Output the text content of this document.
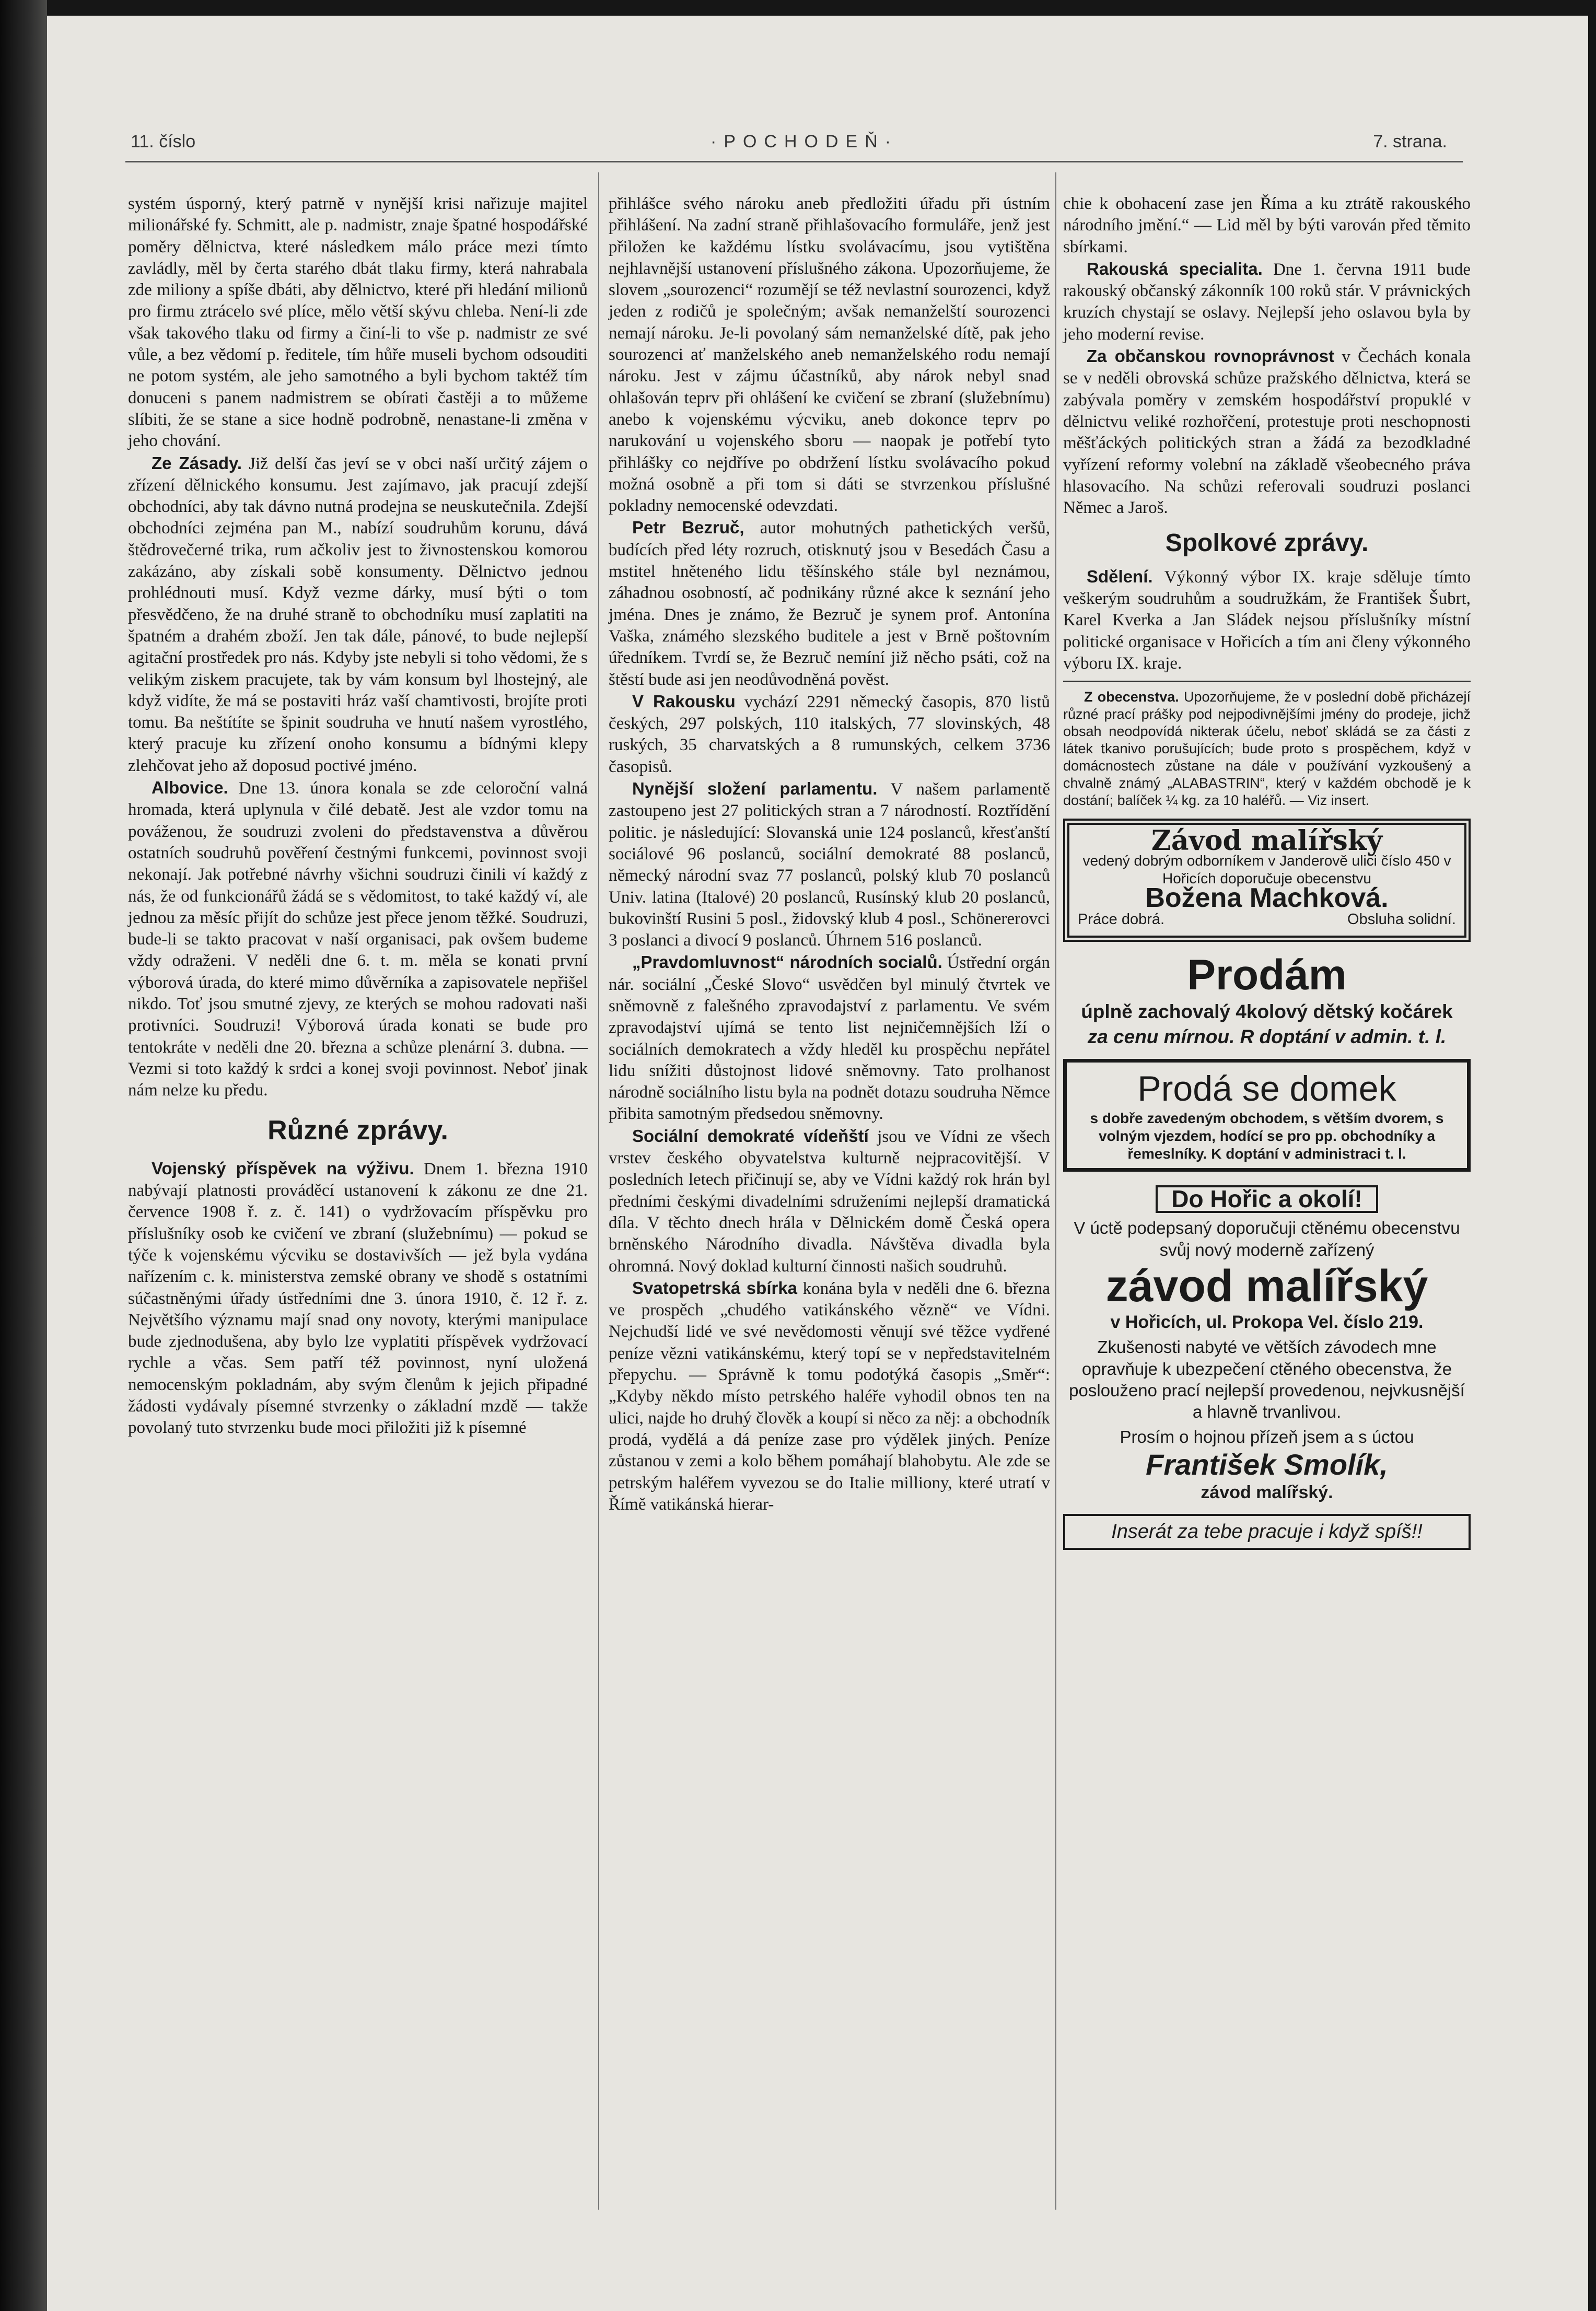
11. číslo	·POCHODEŇ·	7. strana.

systém úsporný, který patrně v nynější krisi nařizuje majitel milionářské fy. Schmitt, ale p. nadmistr, znaje špatné hospodářské poměry dělnictva, které následkem málo práce mezi tímto zavládly, měl by čerta starého dbát tlaku firmy, která nahrabala zde miliony a spíše dbáti, aby dělnictvo, které při hledání milionů pro firmu ztrácelo své plíce, mělo větší skývu chleba. Není-li zde však takového tlaku od firmy a činí-li to vše p. nadmistr ze své vůle, a bez vědomí p. ředitele, tím hůře museli bychom odsouditi ne potom systém, ale jeho samotného a byli bychom taktéž tím donuceni s panem nadmistrem se obírati častěji a to můžeme slíbiti, že se stane a sice hodně podrobně, nenastane-li změna v jeho chování.

Ze Zásady. Již delší čas jeví se v obci naší určitý zájem o zřízení dělnického konsumu. Jest zajímavo, jak pracují zdejší obchodníci, aby tak dávno nutná prodejna se neuskutečnila. Zdejší obchodníci zejména pan M., nabízí soudruhům korunu, dává štědrovečerné trika, rum ačkoliv jest to živnostenskou komorou zakázáno, aby získali sobě konsumenty. Dělnictvo jednou prohlédnouti musí. Když vezme dárky, musí býti o tom přesvědčeno, že na druhé straně to obchodníku musí zaplatiti na špatném a drahém zboží. Jen tak dále, pánové, to bude nejlepší agitační prostředek pro nás. Kdyby jste nebyli si toho vědomi, že s velikým ziskem pracujete, tak by vám konsum byl lhostejný, ale když vidíte, že má se postaviti hráz vaší chamtivosti, brojíte proti tomu. Ba neštítíte se špinit soudruha ve hnutí našem vyrostlého, který pracuje ku zřízení onoho konsumu a bídnými klepy zlehčovat jeho až doposud poctivé jméno.

Albovice. Dne 13. února konala se zde celoroční valná hromada, která uplynula v čilé debatě. Jest ale vzdor tomu na pováženou, že soudruzi zvoleni do představenstva a důvěrou ostatních soudruhů pověření čestnými funkcemi, povinnost svoji nekonají. Jak potřebné návrhy všichni soudruzi činili ví každý z nás, že od funkcionářů žádá se s vědomitost, to také každý ví, ale jednou za měsíc přijít do schůze jest přece jenom těžké. Soudruzi, bude-li se takto pracovat v naší organisaci, pak ovšem budeme vždy odraženi. V neděli dne 6. t. m. měla se konati první výborová úrada, do které mimo důvěrníka a zapisovatele nepřišel nikdo. Toť jsou smutné zjevy, ze kterých se mohou radovati naši protivníci. Soudruzi! Výborová úrada konati se bude pro tentokráte v neděli dne 20. března a schůze plenární 3. dubna. — Vezmi si toto každý k srdci a konej svoji povinnost. Neboť jinak nám nelze ku předu.

Různé zprávy.

Vojenský příspěvek na výživu. Dnem 1. března 1910 nabývají platnosti prováděcí ustanovení k zákonu ze dne 21. července 1908 ř. z. č. 141) o vydržovacím příspěvku pro příslušníky osob ke cvičení ve zbraní (služebnímu) — pokud se týče k vojenskému výcviku se dostavivších — jež byla vydána nařízením c. k. ministerstva zemské obrany ve shodě s ostatními súčastněnými úřady ústředními dne 3. února 1910, č. 12 ř. z. Největšího významu mají snad ony novoty, kterými manipulace bude zjednodušena, aby bylo lze vyplatiti příspěvek vydržovací rychle a včas. Sem patří též povinnost, nyní uložená nemocenským pokladnám, aby svým členům k jejich připadné žádosti vydávaly písemné stvrzenky o základní mzdě — takže povolaný tuto stvrzenku bude moci přiložiti již k písemné

přihlášce svého nároku aneb předložiti úřadu při ústním přihlášení. Na zadní straně přihlašovacího formuláře, jenž jest přiložen ke každému lístku svolávacímu, jsou vytištěna nejhlavnější ustanovení příslušného zákona. Upozorňujeme, že slovem „sourozenci“ rozumějí se též nevlastní sourozenci, když jeden z rodičů je společným; avšak nemanželští sourozenci nemají nároku. Je-li povolaný sám nemanželské dítě, pak jeho sourozenci ať manželského aneb nemanželského rodu nemají nároku. Jest v zájmu účastníků, aby nárok nebyl snad ohlašován teprv při ohlášení ke cvičení se zbraní (služebnímu) anebo k vojenskému výcviku, aneb dokonce teprv po narukování u vojenského sboru — naopak je potřebí tyto přihlášky co nejdříve po obdržení lístku svolávacího pokud možná osobně a při tom si dáti se stvrzenkou příslušné pokladny nemocenské odevzdati.

Petr Bezruč, autor mohutných pathetických veršů, budících před léty rozruch, otisknutý jsou v Besedách Času a mstitel hněteného lidu těšínského stále byl neznámou, záhadnou osobností, ač podnikány různé akce k seznání jeho jména. Dnes je známo, že Bezruč je synem prof. Antonína Vaška, známého slezského buditele a jest v Brně poštovním úředníkem. Tvrdí se, že Bezruč nemíní již něcho psáti, což na štěstí bude asi jen neodůvodněná pověst.

V Rakousku vychází 2291 německý časopis, 870 listů českých, 297 polských, 110 italských, 77 slovinských, 48 ruských, 35 charvatských a 8 rumunských, celkem 3736 časopisů.

Nynější složení parlamentu. V našem parlamentě zastoupeno jest 27 politických stran a 7 národností. Roztřídění politic. je následující: Slovanská unie 124 poslanců, křesťanští sociálové 96 poslanců, sociální demokraté 88 poslanců, německý národní svaz 77 poslanců, polský klub 70 poslanců Univ. latina (Italové) 20 poslanců, Rusínský klub 20 poslanců, bukovinští Rusini 5 posl., židovský klub 4 posl., Schönererovci 3 poslanci a divocí 9 poslanců. Úhrnem 516 poslanců.

„Pravdomluvnost“ národních socialů. Ústřední orgán nár. sociální „České Slovo“ usvědčen byl minulý čtvrtek ve sněmovně z falešného zpravodajství z parlamentu. Ve svém zpravodajství ujímá se tento list nejničemnějších lží o sociálních demokratech a vždy hleděl ku prospěchu nepřátel lidu snížiti důstojnost lidové sněmovny. Tato prolhanost národně sociálního listu byla na podnět dotazu soudruha Němce přibita samotným předsedou sněmovny.

Sociální demokraté vídeňští jsou ve Vídni ze všech vrstev českého obyvatelstva kulturně nejpracovitější. V posledních letech přičinují se, aby ve Vídni každý rok hrán byl předními českými divadelními sdruženími nejlepší dramatická díla. V těchto dnech hrála v Dělnickém domě Česká opera brněnského Národního divadla. Návštěva divadla byla ohromná. Nový doklad kulturní činnosti našich soudruhů.

Svatopetrská sbírka konána byla v neděli dne 6. března ve prospěch „chudého vatikánského vězně“ ve Vídni. Nejchudší lidé ve své nevědomosti věnují své těžce vydřené peníze vězni vatikánskému, který topí se v nepředstavitelném přepychu. — Správně k tomu podotýká časopis „Směr“: „Kdyby někdo místo petrského haléře vyhodil obnos ten na ulici, najde ho druhý člověk a koupí si něco za něj: a obchodník prodá, vydělá a dá peníze zase pro výdělek jiných. Peníze zůstanou v zemi a kolo během pomáhají blahobytu. Ale zde se petrským haléřem vyvezou se do Italie milliony, které utratí v Římě vatikánská hierar-

chie k obohacení zase jen Říma a ku ztrátě rakouského národního jmění.“ — Lid měl by býti varován před těmito sbírkami.

Rakouská specialita. Dne 1. června 1911 bude rakouský občanský zákonník 100 roků stár. V právnických kruzích chystají se oslavy. Nejlepší jeho oslavou byla by jeho moderní revise.

Za občanskou rovnoprávnost v Čechách konala se v neděli obrovská schůze pražského dělnictva, která se zabývala poměry v zemském hospodářství propuklé v dělnictvu veliké rozhořčení, protestuje proti neschopnosti měšťáckých politických stran a žádá za bezodkladné vyřízení reformy volební na základě všeobecného práva hlasovacího. Na schůzi referovali soudruzi poslanci Němec a Jaroš.

Spolkové zprávy.

Sdělení. Výkonný výbor IX. kraje sděluje tímto veškerým soudruhům a soudružkám, že František Šubrt, Karel Kverka a Jan Sládek nejsou příslušníky místní politické organisace v Hořicích a tím ani členy výkonného výboru IX. kraje.

Z obecenstva. Upozorňujeme, že v poslední době přicházejí různé prací prášky pod nejpodivnějšími jmény do prodeje, jichž obsah neodpovídá nikterak účelu, neboť skládá se za části z látek tkanivo porušujících; bude proto s prospěchem, když v domácnostech zůstane na dále v používání vyzkoušený a chvalně známý „ALABASTRIN“, který v každém obchodě je k dostání; balíček ¼ kg. za 10 haléřů. — Viz insert.

Závod malířský
vedený dobrým odborníkem v Janderově ulici číslo 450 v Hořicích doporučuje obecenstvu
Božena Machková.
Práce dobrá.	Obsluha solidní.
Prodám
úplně zachovalý 4kolový dětský kočárek
za cenu mírnou. R doptání v admin. t. l.
Prodá se domek
s dobře zavedeným obchodem, s větším dvorem, s volným vjezdem, hodící se pro pp. obchodníky a řemeslníky. K doptání v administraci t. l.
Do Hořic a okolí!
V úctě podepsaný doporučuji ctěnému obecenstvu svůj nový moderně zařízený
závod malířský
v Hořicích, ul. Prokopa Vel. číslo 219.
Zkušenosti nabyté ve větších závodech mne opravňuje k ubezpečení ctěného obecenstva, že poslouženo prací nejlepší provedenou, nejvkusnější a hlavně trvanlivou.
Prosím o hojnou přízeň jsem a s úctou
František Smolík,
závod malířský.
Inserát za tebe pracuje i když spíš!!
